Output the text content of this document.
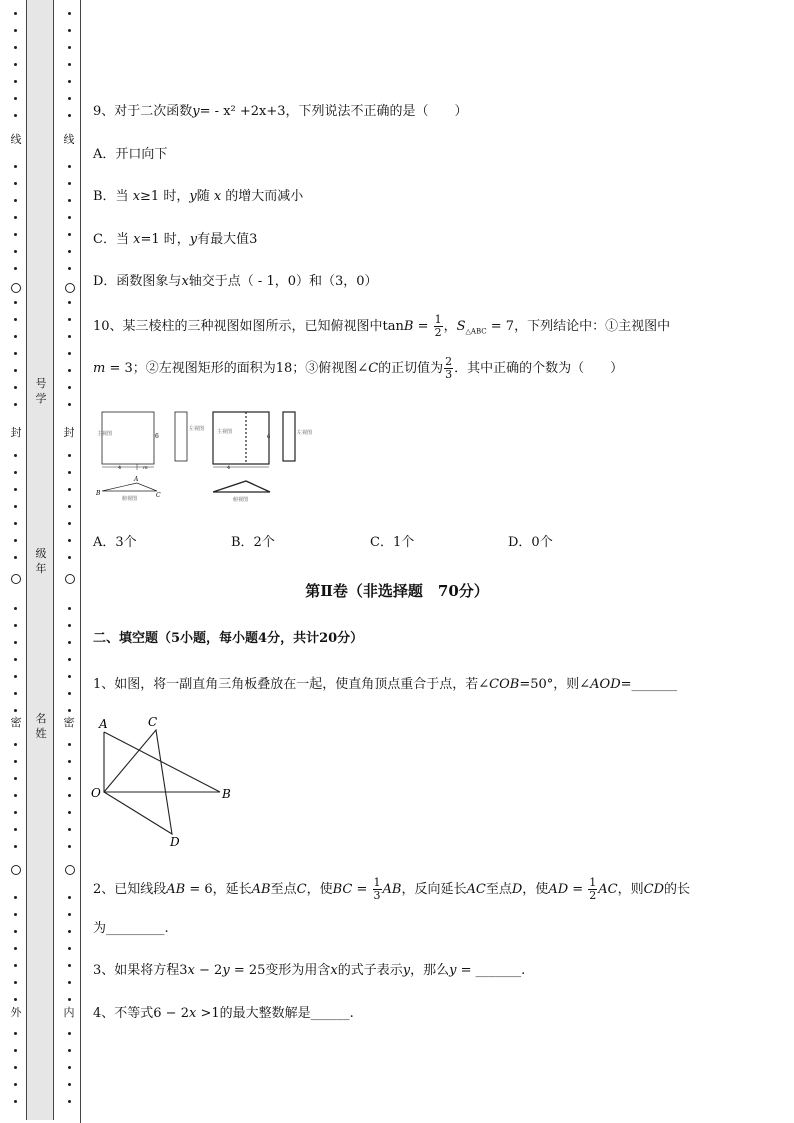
线
封
密
外
线
封
密
内
号学
级年
名姓
9、对于二次函数y= - x² +2x+3，下列说法不正确的是（　　）
A．开口向下
B．当 x≥1 时，y随 x 的增大而减小
C．当 x=1 时，y有最大值3
D．函数图象与x轴交于点（ - 1，0）和（3，0）
10、某三棱柱的三种视图如图所示，已知俯视图中$\tan B = \frac{1}{2}$ ，$S_{\triangle ABC} = 7$，下列结论中：①主视图中
m = 3；②左视图矩形的面积为18；③俯视图∠C的正切值为 $\frac{2}{3}$ ．其中正确的个数为（　　）
主视图	6
4	m
A
B	C
俯视图
左视图	主视图
6
4
俯视图
左视图
A．3个	B．2个	C．1个	D．0个
第Ⅱ卷（非选择题　70分）
二、填空题（5小题，每小题4分，共计20分）
1、如图，将一副直角三角板叠放在一起，使直角顶点重合于点，若∠COB=50°，则∠AOD=_______
A	C
O	B
D
2、已知线段AB = 6，延长AB至点C，使BC = $\frac{1}{3}$ AB，反向延长AC至点D，使AD = $\frac{1}{2}$ AC，则CD的长
为_________.
3、如果将方程3x − 2y = 25变形为用含x的式子表示y，那么y = _______.
4、不等式6 − 2x >1的最大整数解是______.
